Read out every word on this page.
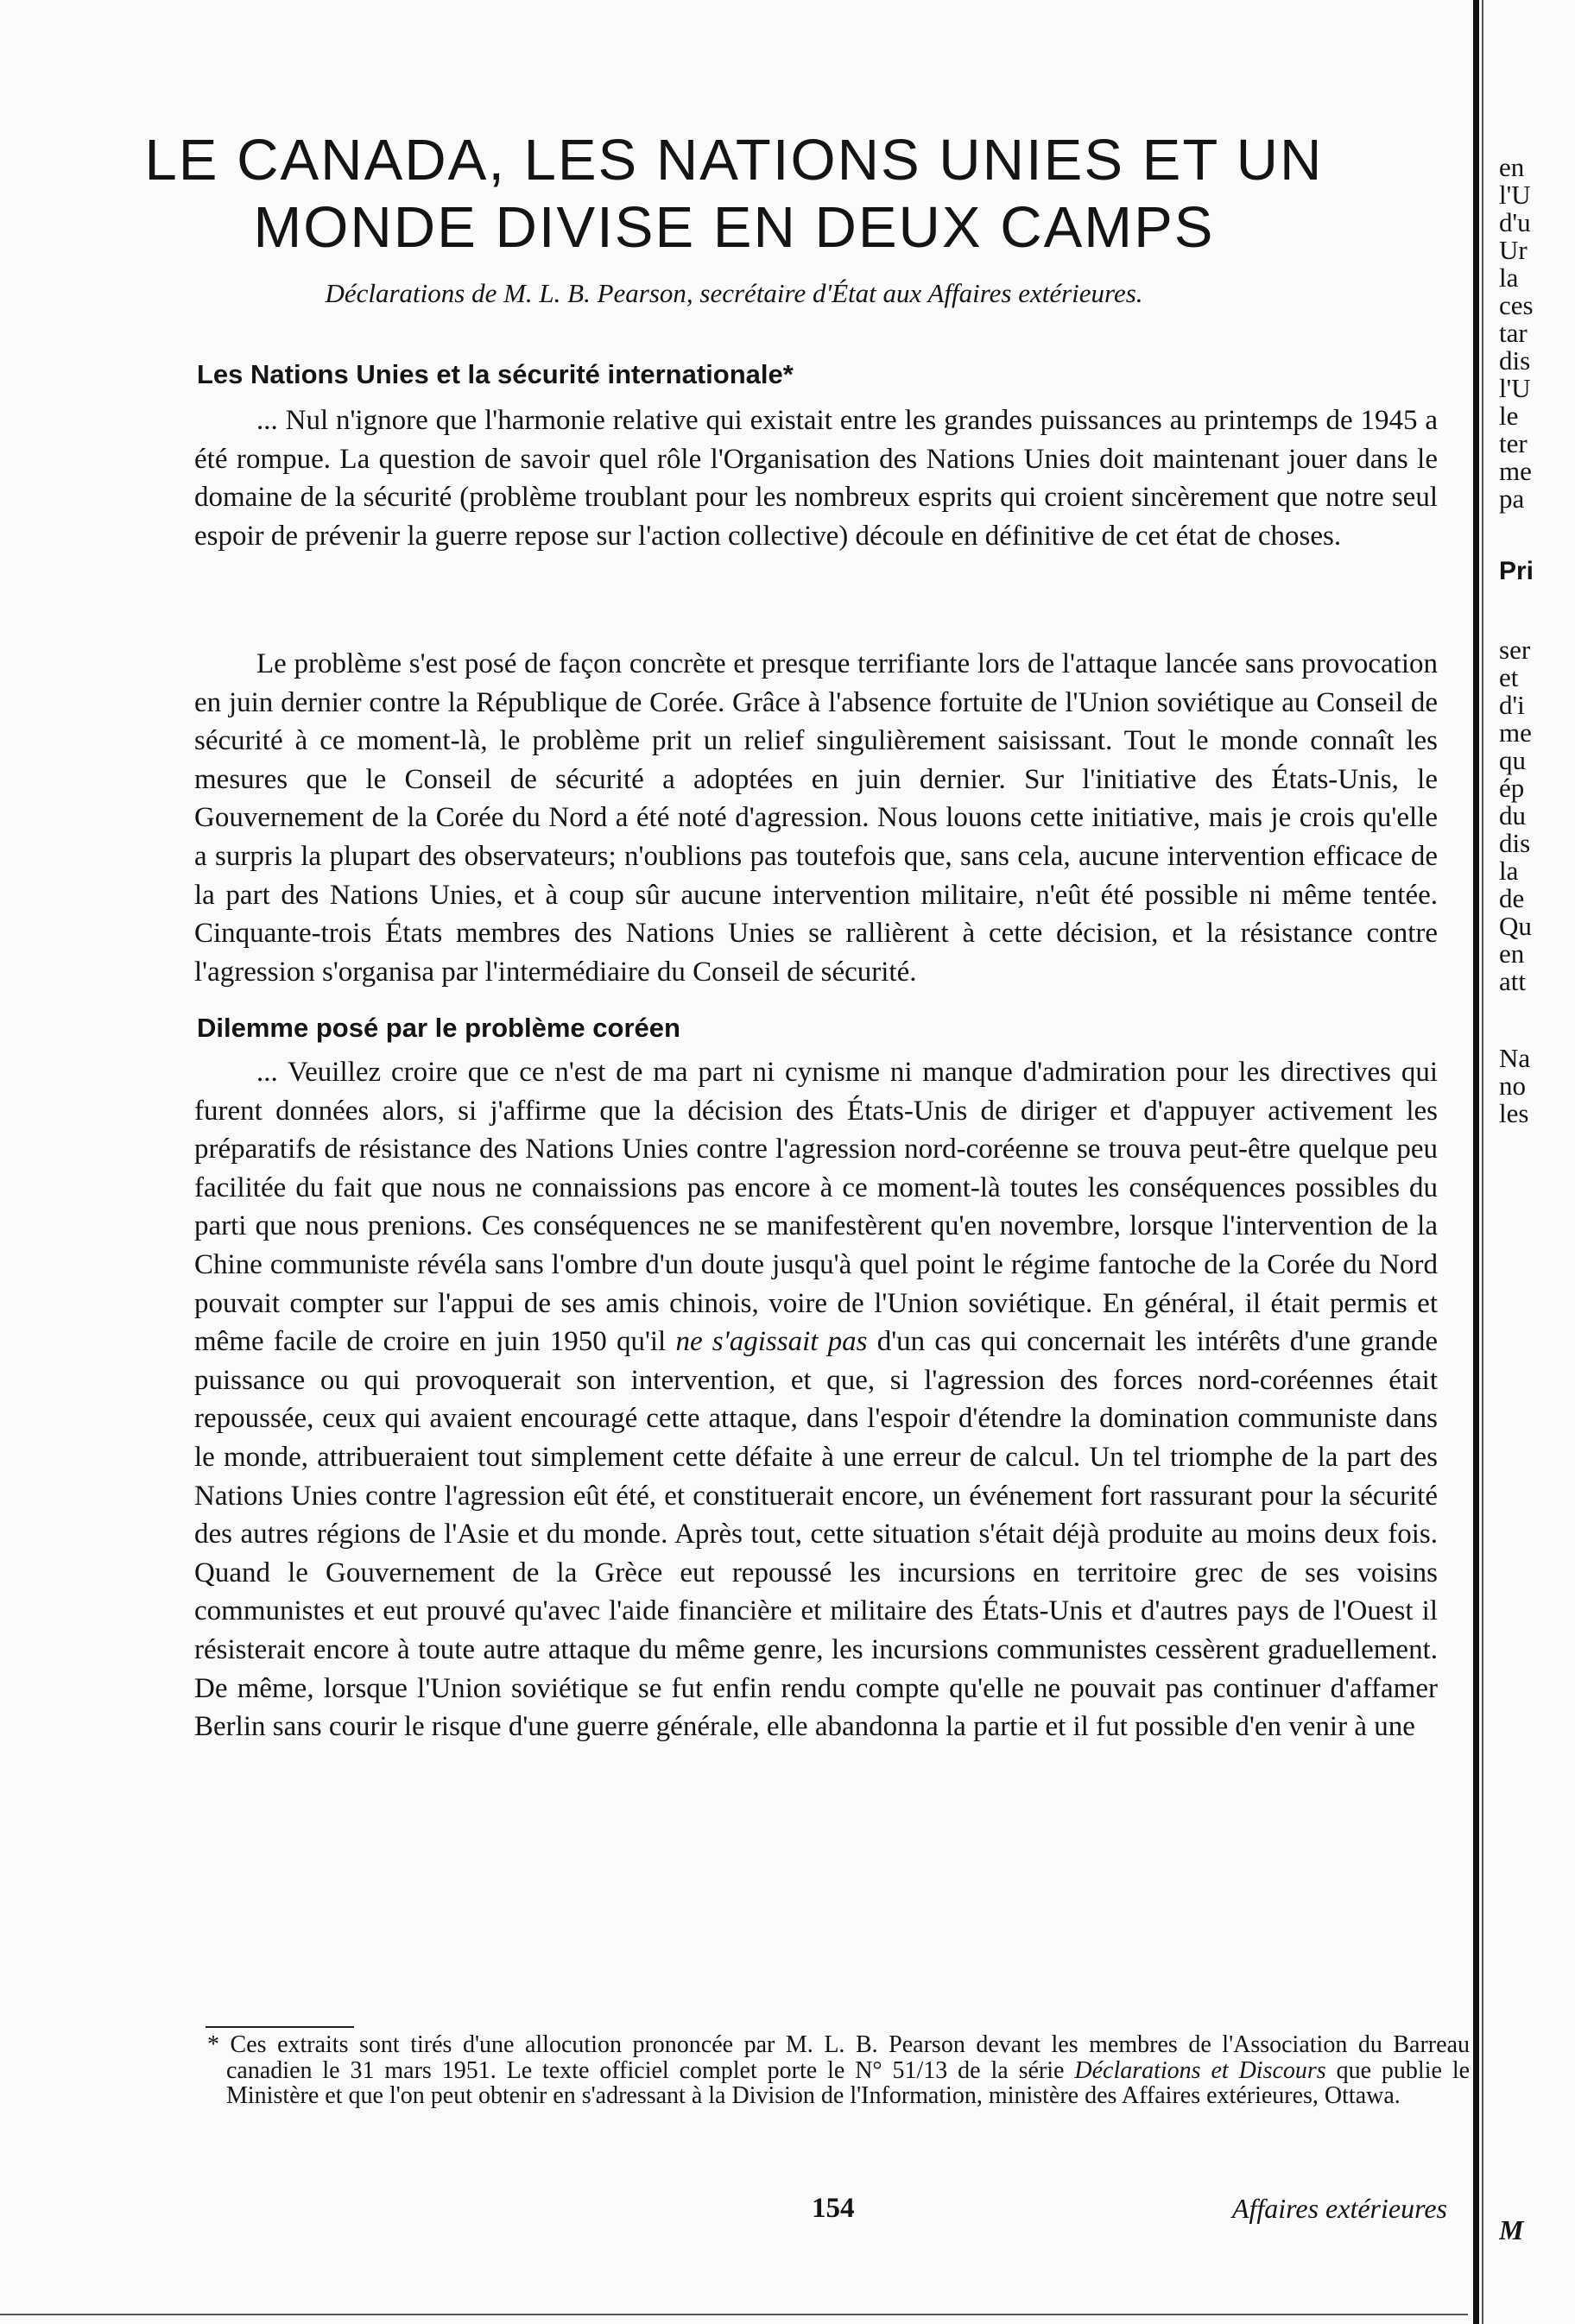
LE CANADA, LES NATIONS UNIES ET UN
MONDE DIVISE EN DEUX CAMPS
Déclarations de M. L. B. Pearson, secrétaire d'État aux Affaires extérieures.
Les Nations Unies et la sécurité internationale*

... Nul n'ignore que l'harmonie relative qui existait entre les grandes puissances au printemps de 1945 a été rompue. La question de savoir quel rôle l'Organisation des Nations Unies doit maintenant jouer dans le domaine de la sécurité (problème troublant pour les nombreux esprits qui croient sincèrement que notre seul espoir de prévenir la guerre repose sur l'action collective) découle en définitive de cet état de choses.

Le problème s'est posé de façon concrète et presque terrifiante lors de l'attaque lancée sans provocation en juin dernier contre la République de Corée. Grâce à l'absence fortuite de l'Union soviétique au Conseil de sécurité à ce moment-là, le problème prit un relief singulièrement saisissant. Tout le monde connaît les mesures que le Conseil de sécurité a adoptées en juin dernier. Sur l'initiative des États-Unis, le Gouvernement de la Corée du Nord a été noté d'agression. Nous louons cette initiative, mais je crois qu'elle a surpris la plupart des observateurs; n'oublions pas toutefois que, sans cela, aucune intervention efficace de la part des Nations Unies, et à coup sûr aucune intervention militaire, n'eût été possible ni même tentée. Cinquante-trois États membres des Nations Unies se rallièrent à cette décision, et la résistance contre l'agression s'organisa par l'intermédiaire du Conseil de sécurité.

Dilemme posé par le problème coréen

... Veuillez croire que ce n'est de ma part ni cynisme ni manque d'admiration pour les directives qui furent données alors, si j'affirme que la décision des États-Unis de diriger et d'appuyer activement les préparatifs de résistance des Nations Unies contre l'agression nord-coréenne se trouva peut-être quelque peu facilitée du fait que nous ne connaissions pas encore à ce moment-là toutes les conséquences possibles du parti que nous prenions. Ces conséquences ne se manifestèrent qu'en novembre, lorsque l'intervention de la Chine communiste révéla sans l'ombre d'un doute jusqu'à quel point le régime fantoche de la Corée du Nord pouvait compter sur l'appui de ses amis chinois, voire de l'Union soviétique. En général, il était permis et même facile de croire en juin 1950 qu'il ne s'agissait pas d'un cas qui concernait les intérêts d'une grande puissance ou qui provoquerait son intervention, et que, si l'agression des forces nord-coréennes était repoussée, ceux qui avaient encouragé cette attaque, dans l'espoir d'étendre la domination communiste dans le monde, attribueraient tout simplement cette défaite à une erreur de calcul. Un tel triomphe de la part des Nations Unies contre l'agression eût été, et constituerait encore, un événement fort rassurant pour la sécurité des autres régions de l'Asie et du monde. Après tout, cette situation s'était déjà produite au moins deux fois. Quand le Gouvernement de la Grèce eut repoussé les incursions en territoire grec de ses voisins communistes et eut prouvé qu'avec l'aide financière et militaire des États-Unis et d'autres pays de l'Ouest il résisterait encore à toute autre attaque du même genre, les incursions communistes cessèrent graduellement. De même, lorsque l'Union soviétique se fut enfin rendu compte qu'elle ne pouvait pas continuer d'affamer Berlin sans courir le risque d'une guerre générale, elle abandonna la partie et il fut possible d'en venir à une

* Ces extraits sont tirés d'une allocution prononcée par M. L. B. Pearson devant les membres de l'Association du Barreau canadien le 31 mars 1951. Le texte officiel complet porte le N° 51/13 de la série Déclarations et Discours que publie le Ministère et que l'on peut obtenir en s'adressant à la Division de l'Information, ministère des Affaires extérieures, Ottawa.

154	Affaires extérieures
en
l'U
d'u
Ur
la
ces
tar
dis
l'U
le
ter
me
pa
Pri
ser
et
d'i
me
qu
ép
du
dis
la
de
Qu
en
att
Na
no
les
M
